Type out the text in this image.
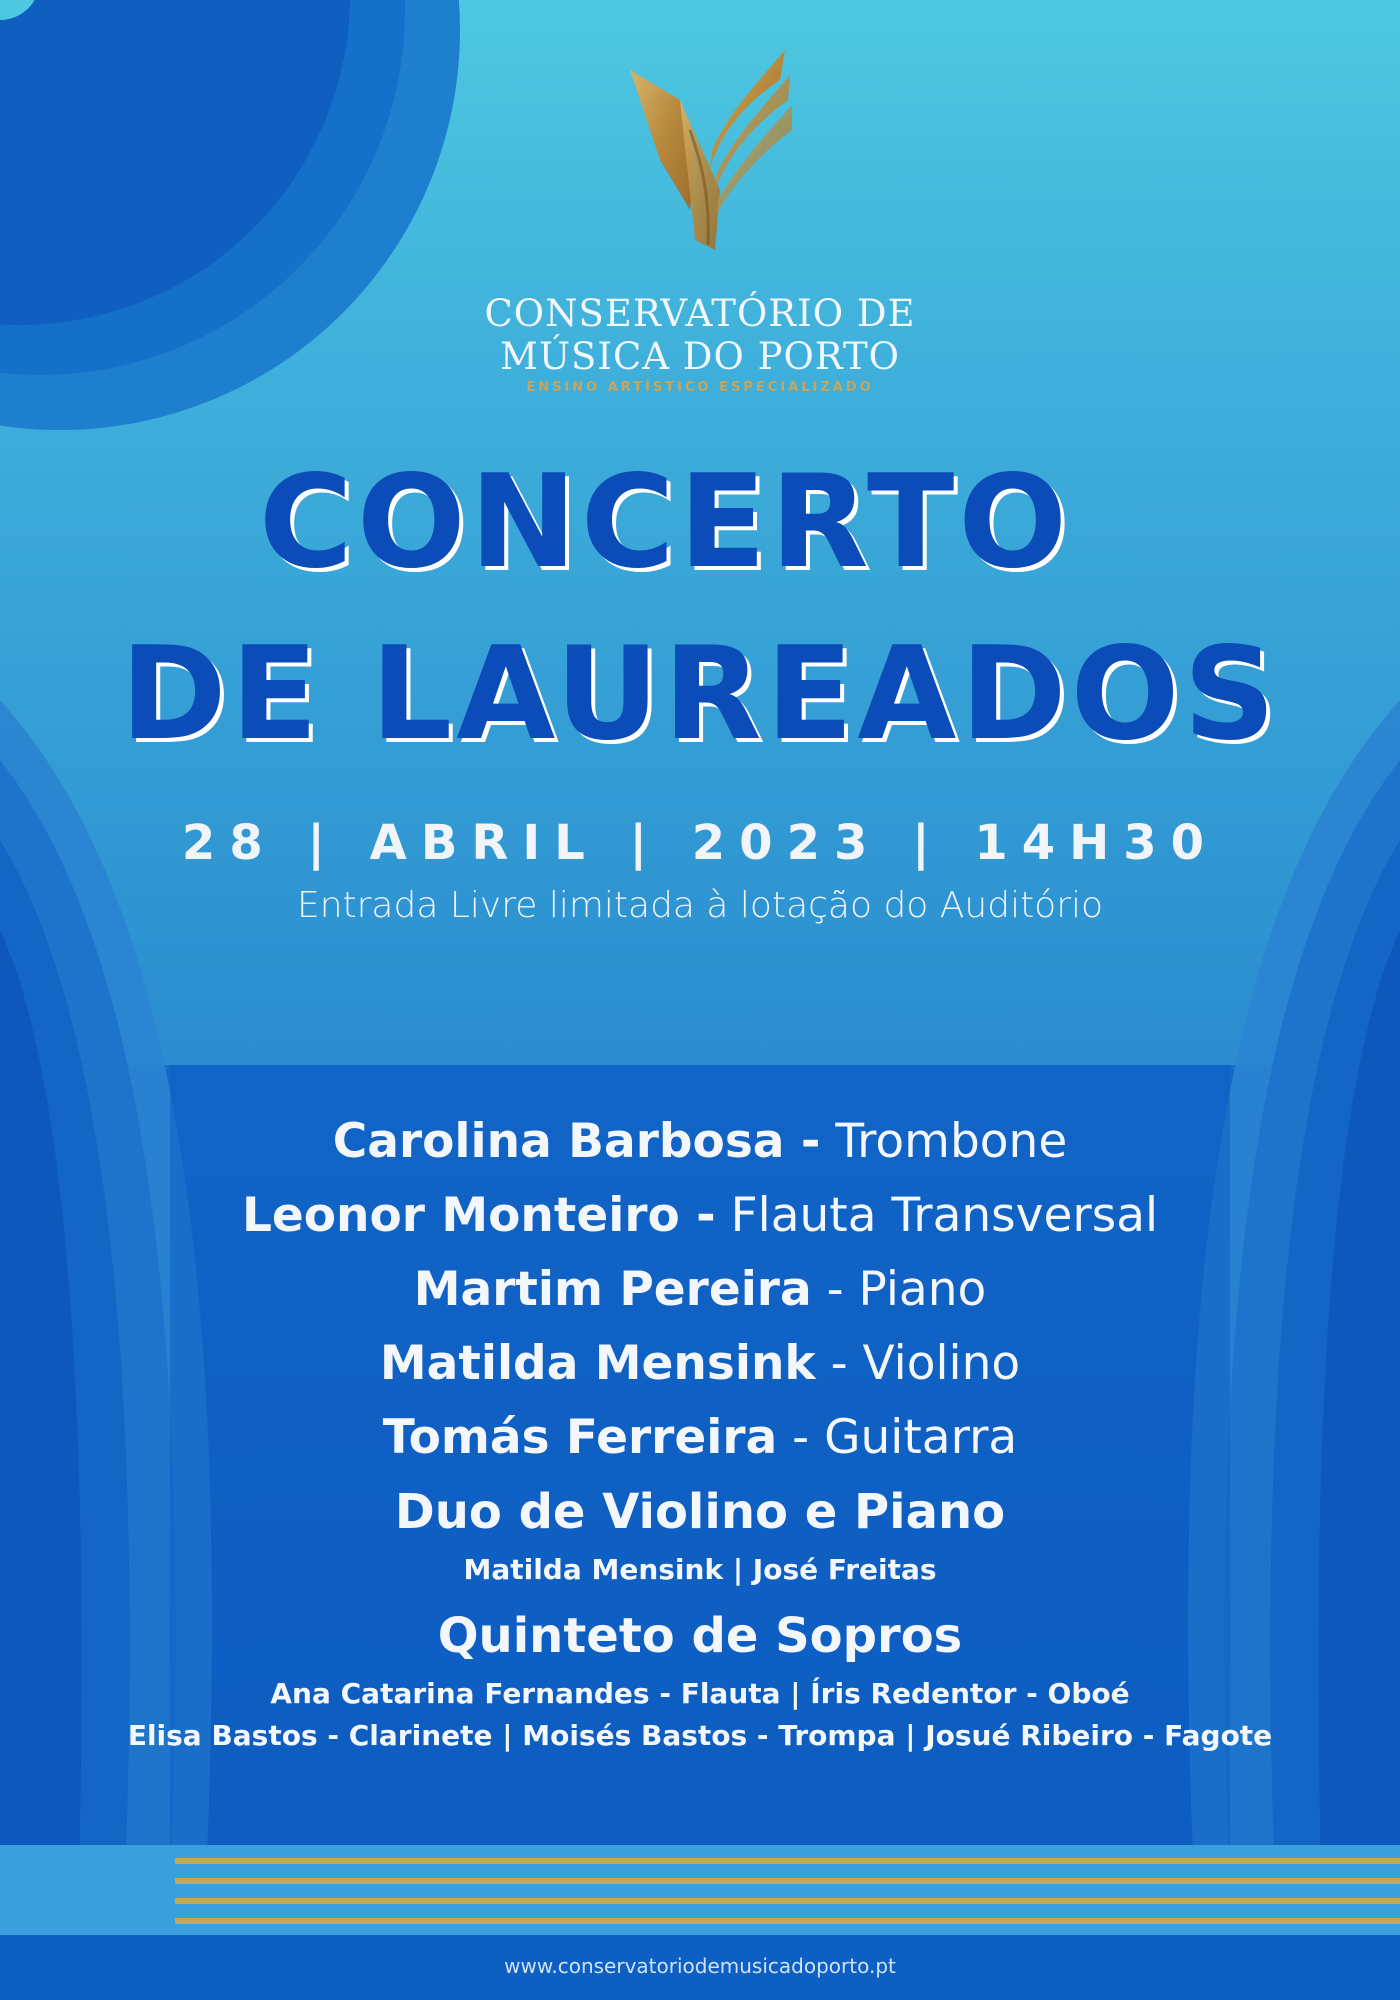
CONSERVATÓRIO DE
MÚSICA DO PORTO
ENSINO ARTÍSTICO ESPECIALIZADO
CONCERTO
DE LAUREADOS
28 | ABRIL | 2023 | 14H30
Entrada Livre limitada à lotação do Auditório
Carolina Barbosa - Trombone
Leonor Monteiro - Flauta Transversal
Martim Pereira - Piano
Matilda Mensink - Violino
Tomás Ferreira - Guitarra
Duo de Violino e Piano
Matilda Mensink | José Freitas
Quinteto de Sopros
Ana Catarina Fernandes - Flauta | Íris Redentor - Oboé
Elisa Bastos - Clarinete | Moisés Bastos - Trompa | Josué Ribeiro - Fagote
www.conservatoriodemusicadoporto.pt
